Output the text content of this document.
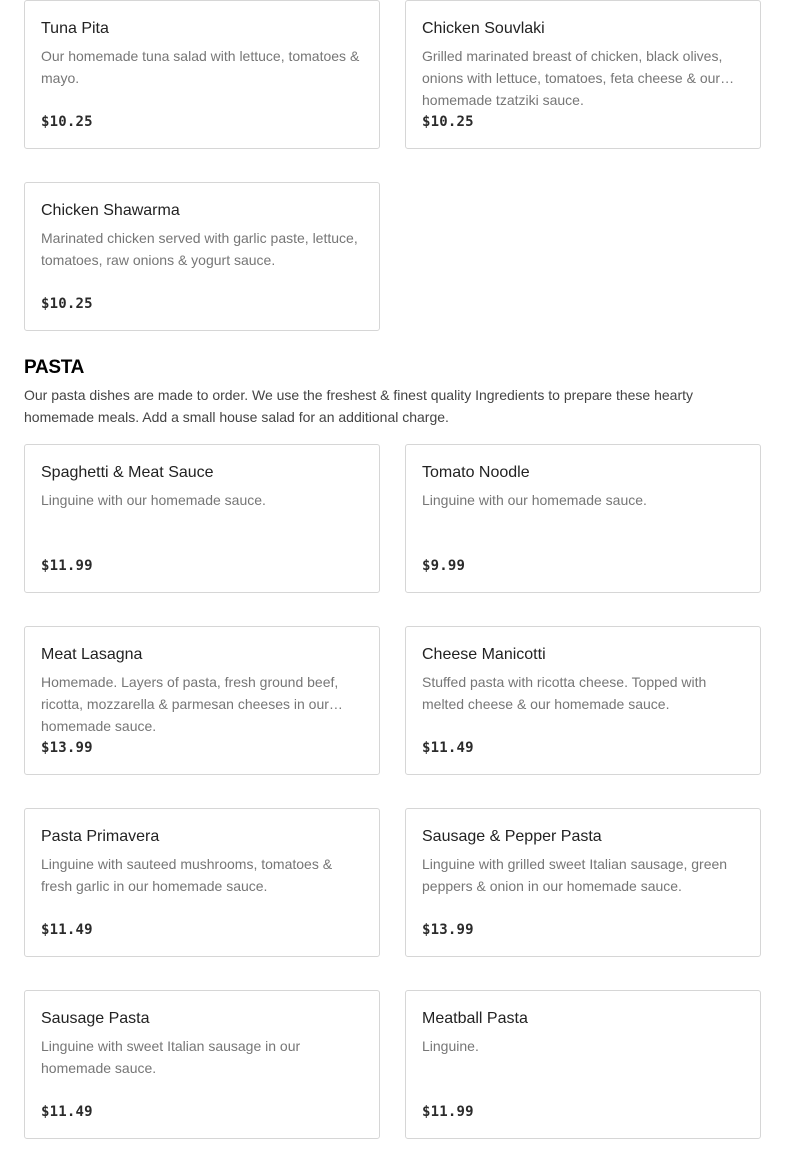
Tuna Pita
Our homemade tuna salad with lettuce, tomatoes & mayo.
$10.25
Chicken Souvlaki
Grilled marinated breast of chicken, black olives, onions with lettuce, tomatoes, feta cheese & our homemade tzatziki sauce.
$10.25
Chicken Shawarma
Marinated chicken served with garlic paste, lettuce, tomatoes, raw onions & yogurt sauce.
$10.25
PASTA
Our pasta dishes are made to order. We use the freshest & finest quality Ingredients to prepare these hearty homemade meals. Add a small house salad for an additional charge.
Spaghetti & Meat Sauce
Linguine with our homemade sauce.
$11.99
Tomato Noodle
Linguine with our homemade sauce.
$9.99
Meat Lasagna
Homemade. Layers of pasta, fresh ground beef, ricotta, mozzarella & parmesan cheeses in our homemade sauce.
$13.99
Cheese Manicotti
Stuffed pasta with ricotta cheese. Topped with melted cheese & our homemade sauce.
$11.49
Pasta Primavera
Linguine with sauteed mushrooms, tomatoes & fresh garlic in our homemade sauce.
$11.49
Sausage & Pepper Pasta
Linguine with grilled sweet Italian sausage, green peppers & onion in our homemade sauce.
$13.99
Sausage Pasta
Linguine with sweet Italian sausage in our homemade sauce.
$11.49
Meatball Pasta
Linguine.
$11.99
